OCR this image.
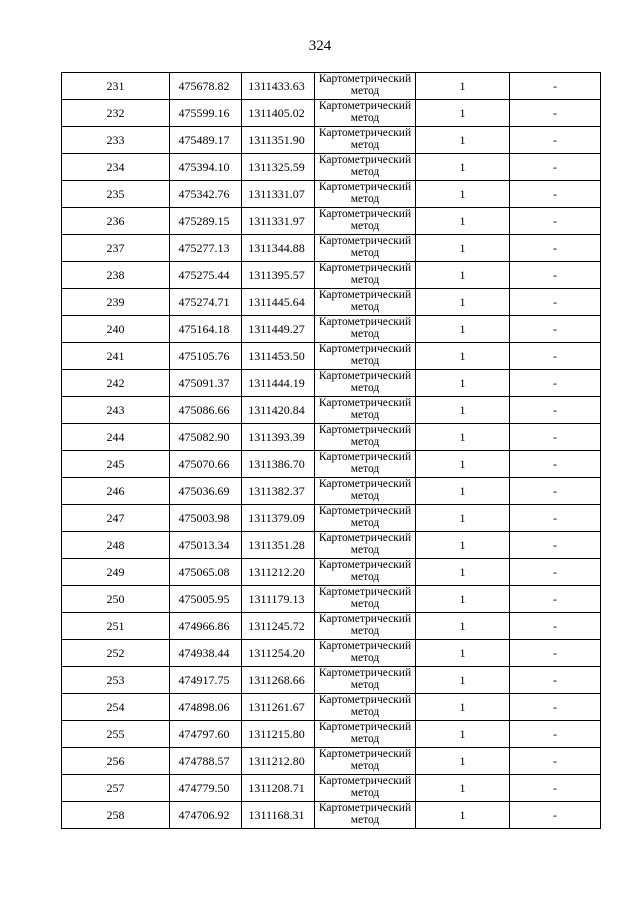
324
231	475678.82	1311433.63	Картометрический метод	1	-
232	475599.16	1311405.02	Картометрический метод	1	-
233	475489.17	1311351.90	Картометрический метод	1	-
234	475394.10	1311325.59	Картометрический метод	1	-
235	475342.76	1311331.07	Картометрический метод	1	-
236	475289.15	1311331.97	Картометрический метод	1	-
237	475277.13	1311344.88	Картометрический метод	1	-
238	475275.44	1311395.57	Картометрический метод	1	-
239	475274.71	1311445.64	Картометрический метод	1	-
240	475164.18	1311449.27	Картометрический метод	1	-
241	475105.76	1311453.50	Картометрический метод	1	-
242	475091.37	1311444.19	Картометрический метод	1	-
243	475086.66	1311420.84	Картометрический метод	1	-
244	475082.90	1311393.39	Картометрический метод	1	-
245	475070.66	1311386.70	Картометрический метод	1	-
246	475036.69	1311382.37	Картометрический метод	1	-
247	475003.98	1311379.09	Картометрический метод	1	-
248	475013.34	1311351.28	Картометрический метод	1	-
249	475065.08	1311212.20	Картометрический метод	1	-
250	475005.95	1311179.13	Картометрический метод	1	-
251	474966.86	1311245.72	Картометрический метод	1	-
252	474938.44	1311254.20	Картометрический метод	1	-
253	474917.75	1311268.66	Картометрический метод	1	-
254	474898.06	1311261.67	Картометрический метод	1	-
255	474797.60	1311215.80	Картометрический метод	1	-
256	474788.57	1311212.80	Картометрический метод	1	-
257	474779.50	1311208.71	Картометрический метод	1	-
258	474706.92	1311168.31	Картометрический метод	1	-
